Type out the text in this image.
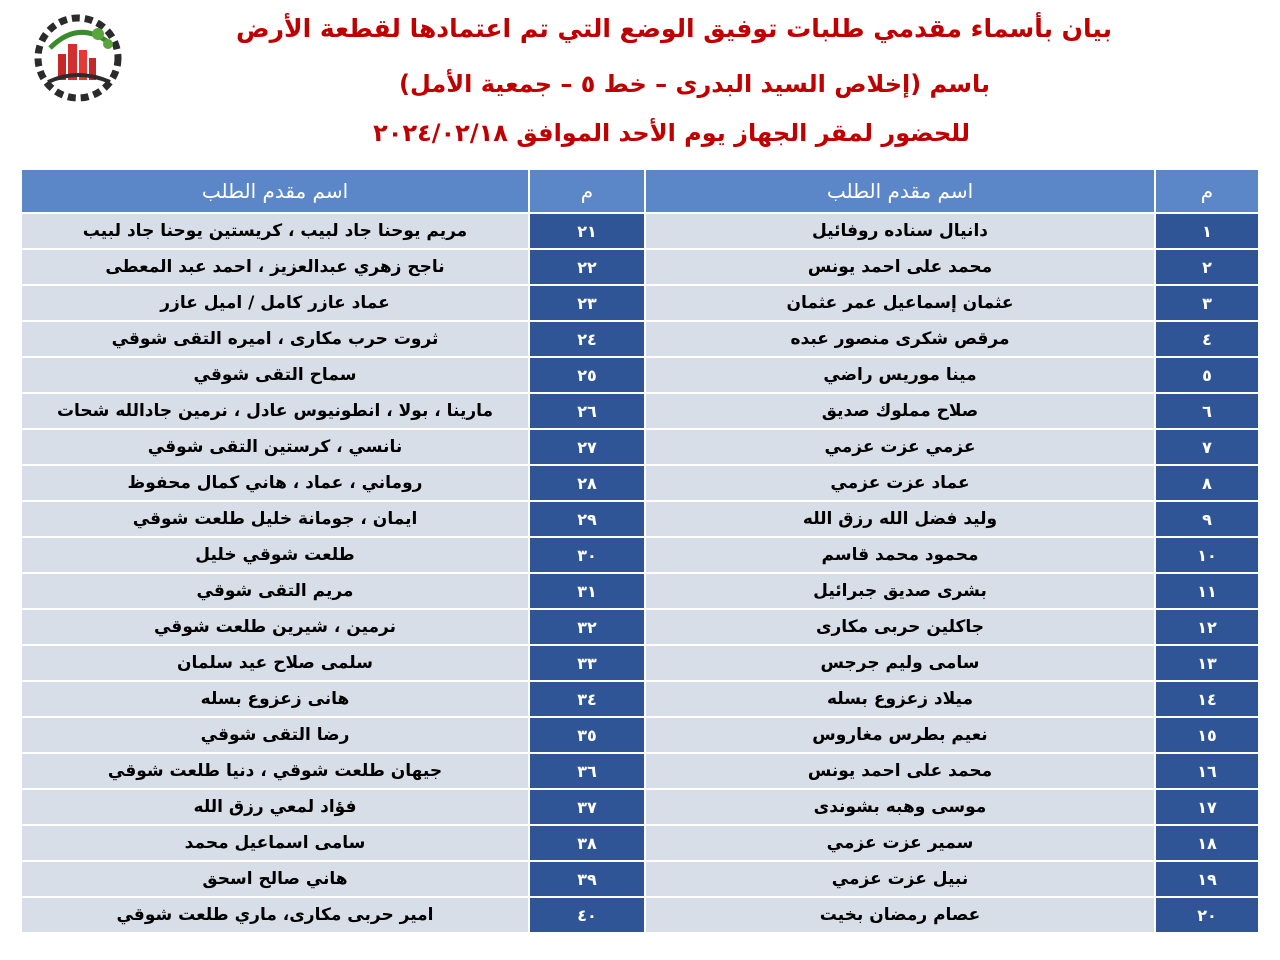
بيان بأسماء مقدمي طلبات توفيق الوضع التي تم اعتمادها لقطعة الأرض
باسم (إخلاص السيد البدرى – خط ٥ – جمعية الأمل)
للحضور لمقر الجهاز يوم الأحد الموافق ٢٠٢٤/٠٢/١٨
م	اسم مقدم الطلب	م	اسم مقدم الطلب
١	دانيال سناده روفائيل	٢١	مريم يوحنا جاد لبيب ، كريستين يوحنا جاد لبيب
٢	محمد على احمد يونس	٢٢	ناجح زهري عبدالعزيز ، احمد عبد المعطى
٣	عثمان إسماعيل عمر عثمان	٢٣	عماد عازر كامل / اميل عازر
٤	مرقص شكرى منصور عبده	٢٤	ثروت حرب مكارى ، اميره التقى شوقي
٥	مينا موريس راضي	٢٥	سماح التقى شوقي
٦	صلاح مملوك صديق	٢٦	مارينا ، بولا ، انطونيوس عادل ، نرمين جادالله شحات
٧	عزمي عزت عزمي	٢٧	نانسي ، كرستين التقى شوقي
٨	عماد عزت عزمي	٢٨	روماني ، عماد ، هاني كمال محفوظ
٩	وليد فضل الله رزق الله	٢٩	ايمان ، جومانة خليل طلعت شوقي
١٠	محمود محمد قاسم	٣٠	طلعت شوقي خليل
١١	بشرى صديق جبرائيل	٣١	مريم التقى شوقي
١٢	جاكلين حربى مكارى	٣٢	نرمين ، شيرين طلعت شوقي
١٣	سامى وليم جرجس	٣٣	سلمى صلاح عيد سلمان
١٤	ميلاد زعزوع بسله	٣٤	هانى زعزوع بسله
١٥	نعيم بطرس مغاروس	٣٥	رضا التقى شوقي
١٦	محمد على احمد يونس	٣٦	جيهان طلعت شوقي ، دنيا طلعت شوقي
١٧	موسى وهبه بشوندى	٣٧	فؤاد لمعي رزق الله
١٨	سمير عزت عزمي	٣٨	سامى اسماعيل محمد
١٩	نبيل عزت عزمي	٣٩	هاني صالح اسحق
٢٠	عصام رمضان بخيت	٤٠	امير حربى مكارى، ماري طلعت شوقي
